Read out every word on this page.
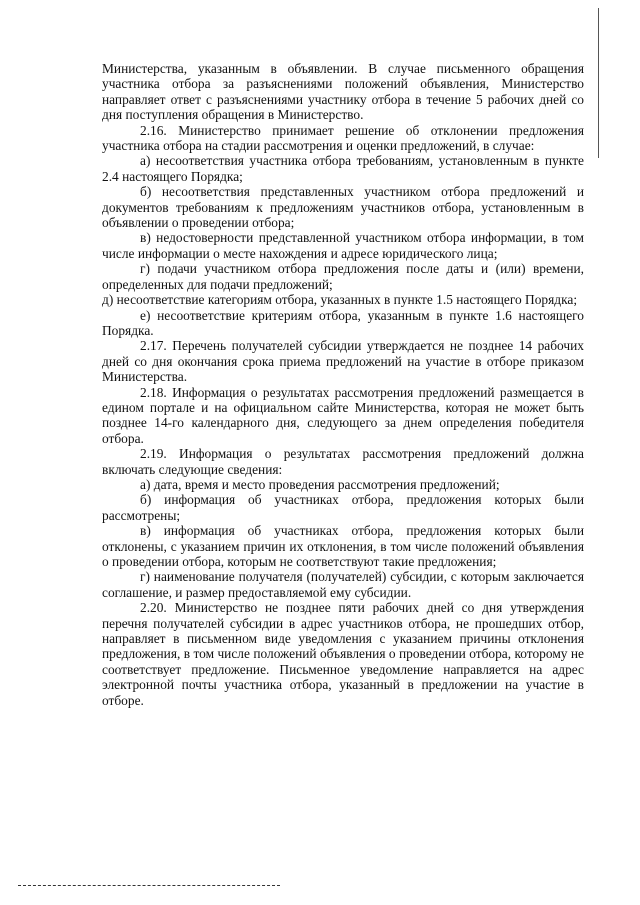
Министерства, указанным в объявлении. В случае письменного обращения участника отбора за разъяснениями положений объявления, Министерство направляет ответ с разъяснениями участнику отбора в течение 5 рабочих дней со дня поступления обращения в Министерство.

2.16. Министерство принимает решение об отклонении предложения участника отбора на стадии рассмотрения и оценки предложений, в случае:

а) несоответствия участника отбора требованиям, установленным в пункте 2.4 настоящего Порядка;

б) несоответствия представленных участником отбора предложений и документов требованиям к предложениям участников отбора, установленным в объявлении о проведении отбора;

в) недостоверности представленной участником отбора информации, в том числе информации о месте нахождения и адресе юридического лица;

г) подачи участником отбора предложения после даты и (или) времени, определенных для подачи предложений;

д) несоответствие категориям отбора, указанных в пункте 1.5 настоящего Порядка;

е) несоответствие критериям отбора, указанным в пункте 1.6 настоящего Порядка.

2.17. Перечень получателей субсидии утверждается не позднее 14 рабочих дней со дня окончания срока приема предложений на участие в отборе приказом Министерства.

2.18. Информация о результатах рассмотрения предложений размещается в едином портале и на официальном сайте Министерства, которая не может быть позднее 14-го календарного дня, следующего за днем определения победителя отбора.

2.19. Информация о результатах рассмотрения предложений должна включать следующие сведения:

а) дата, время и место проведения рассмотрения предложений;

б) информация об участниках отбора, предложения которых были рассмотрены;

в) информация об участниках отбора, предложения которых были отклонены, с указанием причин их отклонения, в том числе положений объявления о проведении отбора, которым не соответствуют такие предложения;

г) наименование получателя (получателей) субсидии, с которым заключается соглашение, и размер предоставляемой ему субсидии.

2.20. Министерство не позднее пяти рабочих дней со дня утверждения перечня получателей субсидии в адрес участников отбора, не прошедших отбор, направляет в письменном виде уведомления с указанием причины отклонения предложения, в том числе положений объявления о проведении отбора, которому не соответствует предложение. Письменное уведомление направляется на адрес электронной почты участника отбора, указанный в предложении на участие в отборе.
